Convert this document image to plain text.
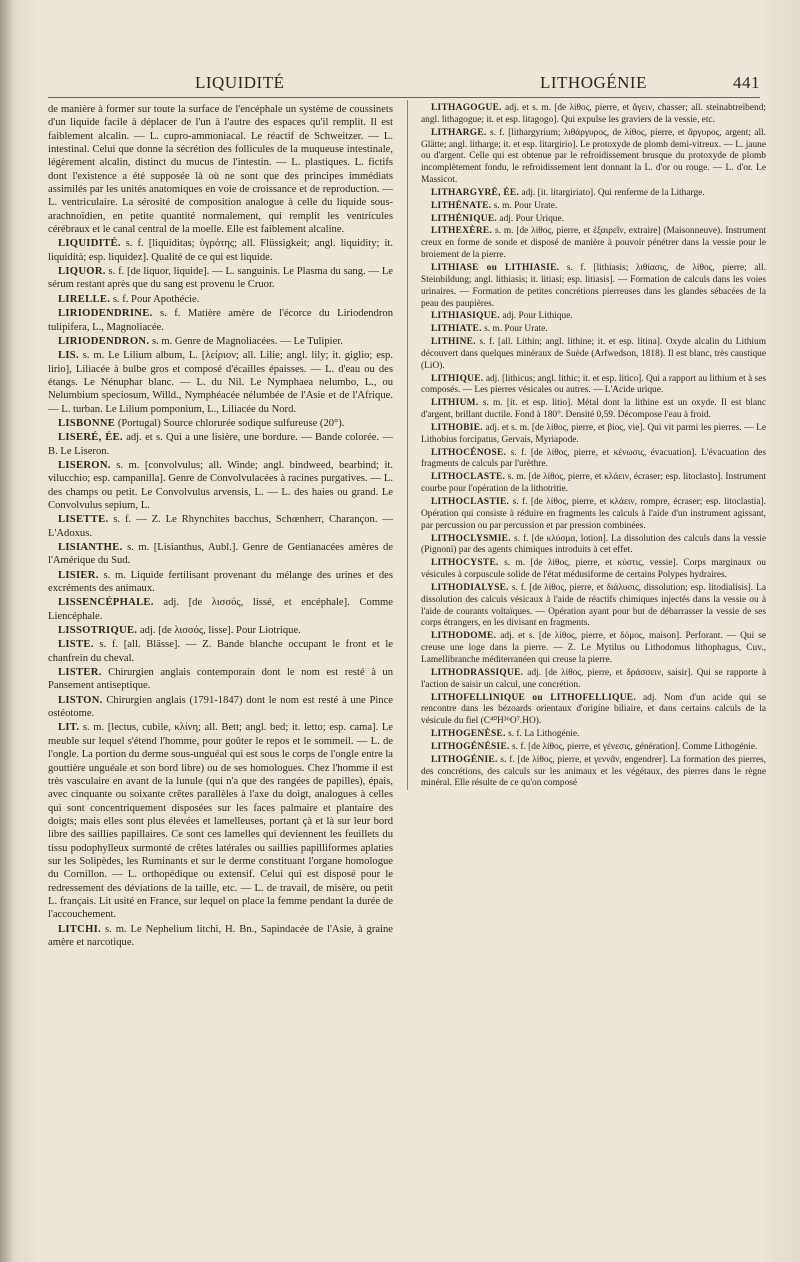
LIQUIDITÉ	LITHOGÉNIE	441

de manière à former sur toute la surface de l'encéphale un système de coussinets d'un liquide facile à déplacer de l'un à l'autre des espaces qu'il remplit. Il est faiblement alcalin. — L. cupro-ammoniacal. Le réactif de Schweitzer. — L. intestinal. Celui que donne la sécrétion des follicules de la muqueuse intestinale, légèrement alcalin, distinct du mucus de l'intestin. — L. plastiques. L. fictifs dont l'existence a été supposée là où ne sont que des principes immédiats assimilés par les unités anatomiques en voie de croissance et de reproduction. — L. ventriculaire. La sérosité de composition analogue à celle du liquide sous-arachnoïdien, en petite quantité normalement, qui remplit les ventricules cérébraux et le canal central de la moelle. Elle est faiblement alcaline.

LIQUIDITÉ. s. f. [liquiditas; ὑγρότης; all. Flüssigkeit; angl. liquidity; it. liquidità; esp. liquidez]. Qualité de ce qui est liquide.

LIQUOR. s. f. [de liquor, liquide]. — L. sanguinis. Le Plasma du sang. — Le sérum restant après que du sang est provenu le Cruor.

LIRELLE. s. f. Pour Apothécie.

LIRIODENDRINE. s. f. Matière amère de l'écorce du Liriodendron tulipifera, L., Magnoliacée.

LIRIODENDRON. s. m. Genre de Magnoliacées. — Le Tulipier.

LIS. s. m. Le Lilium album, L. [λείριον; all. Lilie; angl. lily; it. giglio; esp. lirio], Liliacée à bulbe gros et composé d'écailles épaisses. — L. d'eau ou des étangs. Le Nénuphar blanc. — L. du Nil. Le Nymphaea nelumbo, L., ou Nelumbium speciosum, Willd., Nymphéacée nélumbée de l'Asie et de l'Afrique. — L. turban. Le Lilium pomponium, L., Liliacée du Nord.

LISBONNE (Portugal) Source chlorurée sodique sulfureuse (20°).

LISERÉ, ÉE. adj. et s. Qui a une lisière, une bordure. — Bande colorée. — B. Le Liseron.

LISERON. s. m. [convolvulus; all. Winde; angl. bindweed, bearbind; it. vilucchio; esp. campanilla]. Genre de Convolvulacées à racines purgatives. — L. des champs ou petit. Le Convolvulus arvensis, L. — L. des haies ou grand. Le Convolvulus sepium, L.

LISETTE. s. f. — Z. Le Rhynchites bacchus, Schœnherr, Charançon. — L'Adoxus.

LISIANTHE. s. m. [Lisianthus, Aubl.]. Genre de Gentianacées amères de l'Amérique du Sud.

LISIER. s. m. Liquide fertilisant provenant du mélange des urines et des excréments des animaux.

LISSENCÉPHALE. adj. [de λισσός, lissé, et encéphale]. Comme Liencéphale.

LISSOTRIQUE. adj. [de λισσός, lisse]. Pour Liotrique.

LISTE. s. f. [all. Blässe]. — Z. Bande blanche occupant le front et le chanfrein du cheval.

LISTER. Chirurgien anglais contemporain dont le nom est resté à un Pansement antiseptique.

LISTON. Chirurgien anglais (1791-1847) dont le nom est resté à une Pince ostéotome.

LIT. s. m. [lectus, cubile, κλίνη; all. Bett; angl. bed; it. letto; esp. cama]. Le meuble sur lequel s'étend l'homme, pour goûter le repos et le sommeil. — L. de l'ongle. La portion du derme sous-unguéal qui est sous le corps de l'ongle entre la gouttière unguéale et son bord libre) ou de ses homologues. Chez l'homme il est très vasculaire en avant de la lunule (qui n'a que des rangées de papilles), épais, avec cinquante ou soixante crêtes parallèles à l'axe du doigt, analogues à celles qui sont concentriquement disposées sur les faces palmaire et plantaire des doigts; mais elles sont plus élevées et lamelleuses, portant çà et là sur leur bord libre des saillies papillaires. Ce sont ces lamelles qui deviennent les feuillets du tissu podophylleux surmonté de crêtes latérales ou saillies papilliformes aplaties sur les Solipèdes, les Ruminants et sur le derme constituant l'organe homologue du Cornillon. — L. orthopédique ou extensif. Celui qui est disposé pour le redressement des déviations de la taille, etc. — L. de travail, de misère, ou petit L. français. Lit usité en France, sur lequel on place la femme pendant la durée de l'accouchement.

LITCHI. s. m. Le Nephelium litchi, H. Bn., Sapindacée de l'Asie, à graine amère et narcotique.

LITHAGOGUE. adj. et s. m. [de λίθος, pierre, et ἄγειν, chasser; all. steinabtreibend; angl. lithagogue; it. et esp. litagogo]. Qui expulse les graviers de la vessie, etc.

LITHARGE. s. f. [lithargyrium; λιθάργυρος, de λίθος, pierre, et ἄργυρος, argent; all. Glätte; angl. litharge; it. et esp. litargirio]. Le protoxyde de plomb demi-vitreux. — L. jaune ou d'argent. Celle qui est obtenue par le refroidissement brusque du protoxyde de plomb incomplètement fondu, le refroidissement lent donnant la L. d'or ou rouge. — L. d'or. Le Massicot.

LITHARGYRÉ, ÉE. adj. [it. litargiriato]. Qui renferme de la Litharge.

LITHÉNATE. s. m. Pour Urate.

LITHÉNIQUE. adj. Pour Urique.

LITHEXÈRE. s. m. [de λίθος, pierre, et ἐξαιρεῖν, extraire] (Maisonneuve). Instrument creux en forme de sonde et disposé de manière à pouvoir pénétrer dans la vessie pour le broiement de la pierre.

LITHIASE ou LITHIASIE. s. f. [lithiasis; λιθίασις, de λίθος, pierre; all. Steinbildung; angl. lithiasis; it. litiasi; esp. litiasis]. — Formation de calculs dans les voies urinaires. — Formation de petites concrétions pierreuses dans les glandes sébacées de la peau des paupières.

LITHIASIQUE. adj. Pour Lithique.

LITHIATE. s. m. Pour Urate.

LITHINE. s. f. [all. Lithin; angl. lithine; it. et esp. litina]. Oxyde alcalin du Lithium découvert dans quelques minéraux de Suède (Arfwedson, 1818). Il est blanc, très caustique (LiO).

LITHIQUE. adj. [lithicus; angl. lithic; it. et esp. litico]. Qui a rapport au lithium et à ses composés. — Les pierres vésicales ou autres. — L'Acide urique.

LITHIUM. s. m. [it. et esp. litio]. Métal dont la lithine est un oxyde. Il est blanc d'argent, brillant ductile. Fond à 180°. Densité 0,59. Décompose l'eau à froid.

LITHOBIE. adj. et s. m. [de λίθος, pierre, et βίος, vie]. Qui vit parmi les pierres. — Le Lithobius forcipatus, Gervais, Myriapode.

LITHOCÉNOSE. s. f. [de λίθος, pierre, et κένωσις, évacuation]. L'évacuation des fragments de calculs par l'urèthre.

LITHOCLASTE. s. m. [de λίθος, pierre, et κλάειν, écraser; esp. litoclasto]. Instrument courbe pour l'opération de la lithotritie.

LITHOCLASTIE. s. f. [de λίθος, pierre, et κλάειν, rompre, écraser; esp. litoclastia]. Opération qui consiste à réduire en fragments les calculs à l'aide d'un instrument agissant, par percussion ou par percussion et par pression combinées.

LITHOCLYSMIE. s. f. [de κλύσμα, lotion]. La dissolution des calculs dans la vessie (Pignoni) par des agents chimiques introduits à cet effet.

LITHOCYSTE. s. m. [de λίθος, pierre, et κύστις, vessie]. Corps marginaux ou vésicules à corpuscule solide de l'état médusiforme de certains Polypes hydraires.

LITHODIALYSE. s. f. [de λίθος, pierre, et διάλυσις, dissolution; esp. litodialisis]. La dissolution des calculs vésicaux à l'aide de réactifs chimiques injectés dans la vessie ou à l'aide de courants voltaïques. — Opération ayant pour but de débarrasser la vessie de ses corps étrangers, en les divisant en fragments.

LITHODOME. adj. et s. [de λίθος, pierre, et δόμος, maison]. Perforant. — Qui se creuse une loge dans la pierre. — Z. Le Mytilus ou Lithodomus lithophagus, Cuv., Lamellibranche méditerranéen qui creuse la pierre.

LITHODRASSIQUE. adj. [de λίθος, pierre, et δράσσειν, saisir]. Qui se rapporte à l'action de saisir un calcul, une concrétion.

LITHOFELLINIQUE ou LITHOFELLIQUE. adj. Nom d'un acide qui se rencontre dans les bézoards orientaux d'origine biliaire, et dans certains calculs de la vésicule du fiel (C⁴⁰H³⁶O⁷.HO).

LITHOGENÈSE. s. f. La Lithogénie.

LITHOGÉNÉSIE. s. f. [de λίθος, pierre, et γένεσις, génération]. Comme Lithogénie.

LITHOGÉNIE. s. f. [de λίθος, pierre, et γεννᾶν, engendrer]. La formation des pierres, des concrétions, des calculs sur les animaux et les végétaux, des pierres dans le règne minéral. Elle résulte de ce qu'on composé
